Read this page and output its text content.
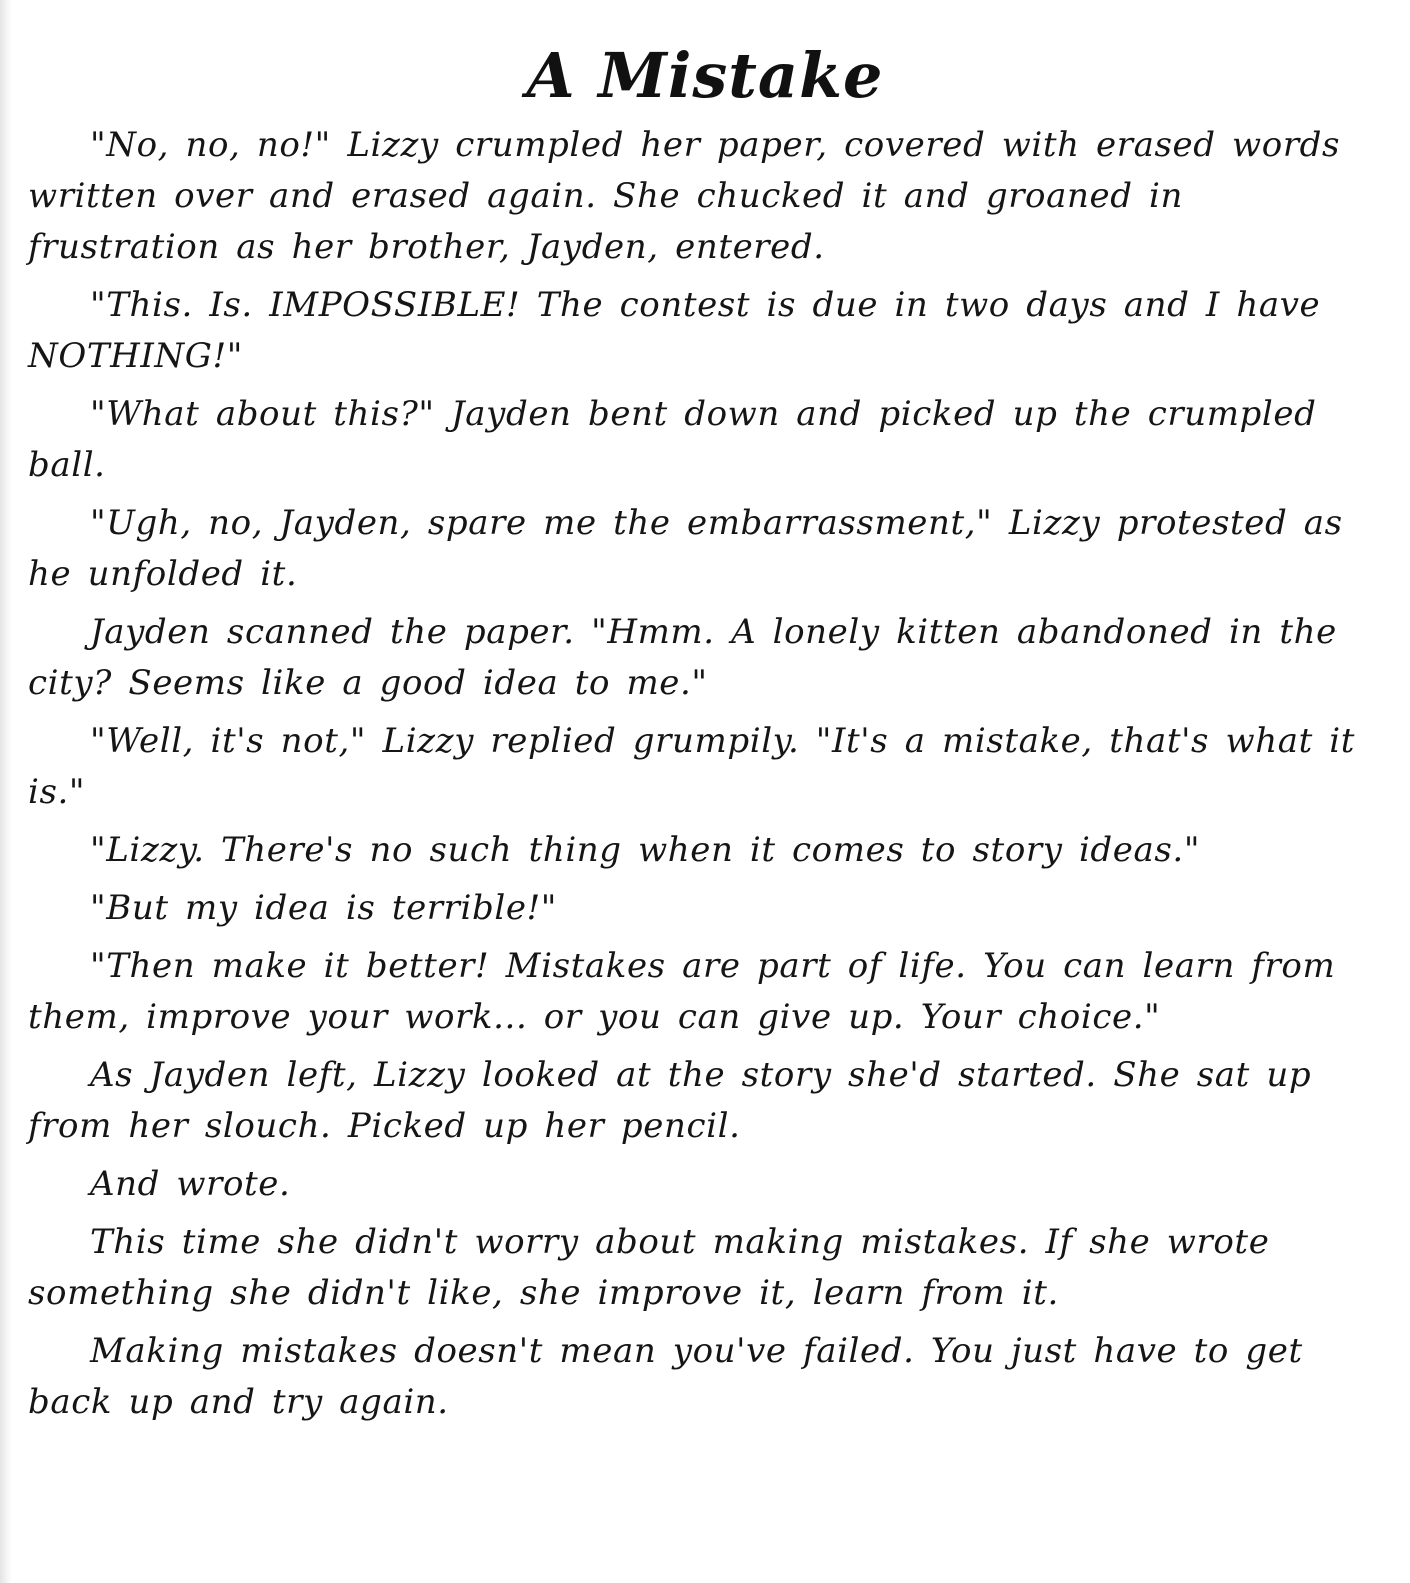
A Mistake

"No, no, no!" Lizzy crumpled her paper, covered with erased words written over and erased again. She chucked it and groaned in frustration as her brother, Jayden, entered.

"This. Is. IMPOSSIBLE! The contest is due in two days and I have NOTHING!"

"What about this?" Jayden bent down and picked up the crumpled ball.

"Ugh, no, Jayden, spare me the embarrassment," Lizzy protested as he unfolded it.

Jayden scanned the paper. "Hmm. A lonely kitten abandoned in the city? Seems like a good idea to me."

"Well, it's not," Lizzy replied grumpily. "It's a mistake, that's what it is."

"Lizzy. There's no such thing when it comes to story ideas."

"But my idea is terrible!"

"Then make it better! Mistakes are part of life. You can learn from them, improve your work... or you can give up. Your choice."

As Jayden left, Lizzy looked at the story she'd started. She sat up from her slouch. Picked up her pencil.

And wrote.

This time she didn't worry about making mistakes. If she wrote something she didn't like, she improve it, learn from it.

Making mistakes doesn't mean you've failed. You just have to get back up and try again.
